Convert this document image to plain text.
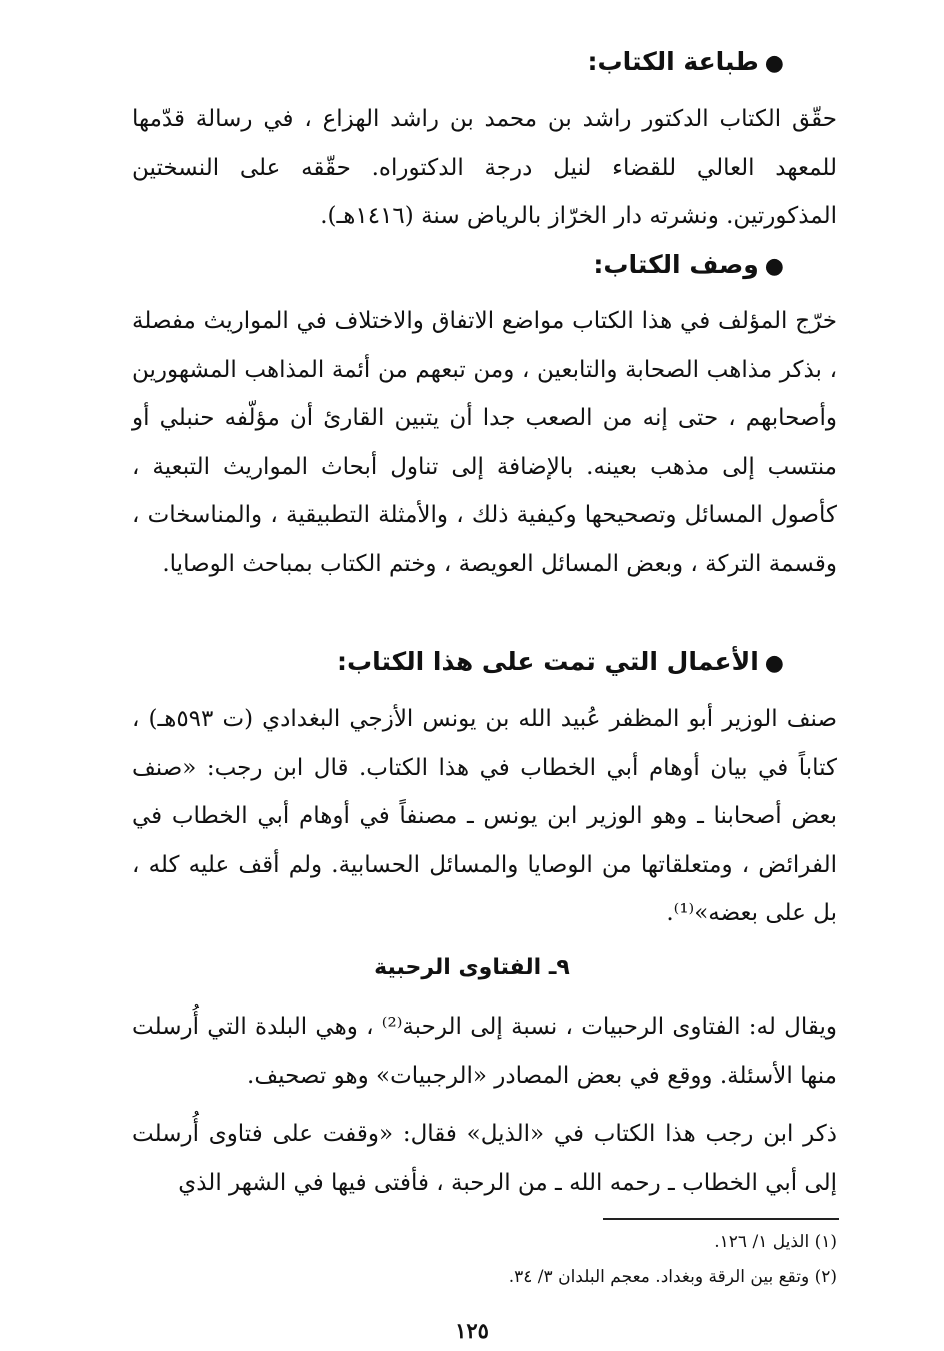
●طباعة الكتاب:
حقّق الكتاب الدكتور راشد بن محمد بن راشد الهزاع ، في رسالة قدّمها للمعهد العالي للقضاء لنيل درجة الدكتوراه. حقّقه على النسختين المذكورتين. ونشرته دار الخرّاز بالرياض سنة (١٤١٦هـ).
●وصف الكتاب:
خرّج المؤلف في هذا الكتاب مواضع الاتفاق والاختلاف في المواريث مفصلة ، بذكر مذاهب الصحابة والتابعين ، ومن تبعهم من أئمة المذاهب المشهورين وأصحابهم ، حتى إنه من الصعب جدا أن يتبين القارئ أن مؤلّفه حنبلي أو منتسب إلى مذهب بعينه. بالإضافة إلى تناول أبحاث المواريث التبعية ، كأصول المسائل وتصحيحها وكيفية ذلك ، والأمثلة التطبيقية ، والمناسخات ، وقسمة التركة ، وبعض المسائل العويصة ، وختم الكتاب بمباحث الوصايا.
●الأعمال التي تمت على هذا الكتاب:
صنف الوزير أبو المظفر عُبيد الله بن يونس الأزجي البغدادي (ت ٥٩٣هـ) ، كتاباً في بيان أوهام أبي الخطاب في هذا الكتاب. قال ابن رجب: «صنف بعض أصحابنا ـ وهو الوزير ابن يونس ـ مصنفاً في أوهام أبي الخطاب في الفرائض ، ومتعلقاتها من الوصايا والمسائل الحسابية. ولم أقف عليه كله ، بل على بعضه»⁽¹⁾.
٩ـ الفتاوى الرحبية
ويقال له: الفتاوى الرحبيات ، نسبة إلى الرحبة⁽²⁾ ، وهي البلدة التي أُرسلت منها الأسئلة. ووقع في بعض المصادر «الرجبيات» وهو تصحيف.
ذكر ابن رجب هذا الكتاب في «الذيل» فقال: «وقفت على فتاوى أُرسلت إلى أبي الخطاب ـ رحمه الله ـ من الرحبة ، فأفتى فيها في الشهر الذي
(١) الذيل ١/ ١٢٦.
(٢) وتقع بين الرقة وبغداد. معجم البلدان ٣/ ٣٤.
١٢٥
